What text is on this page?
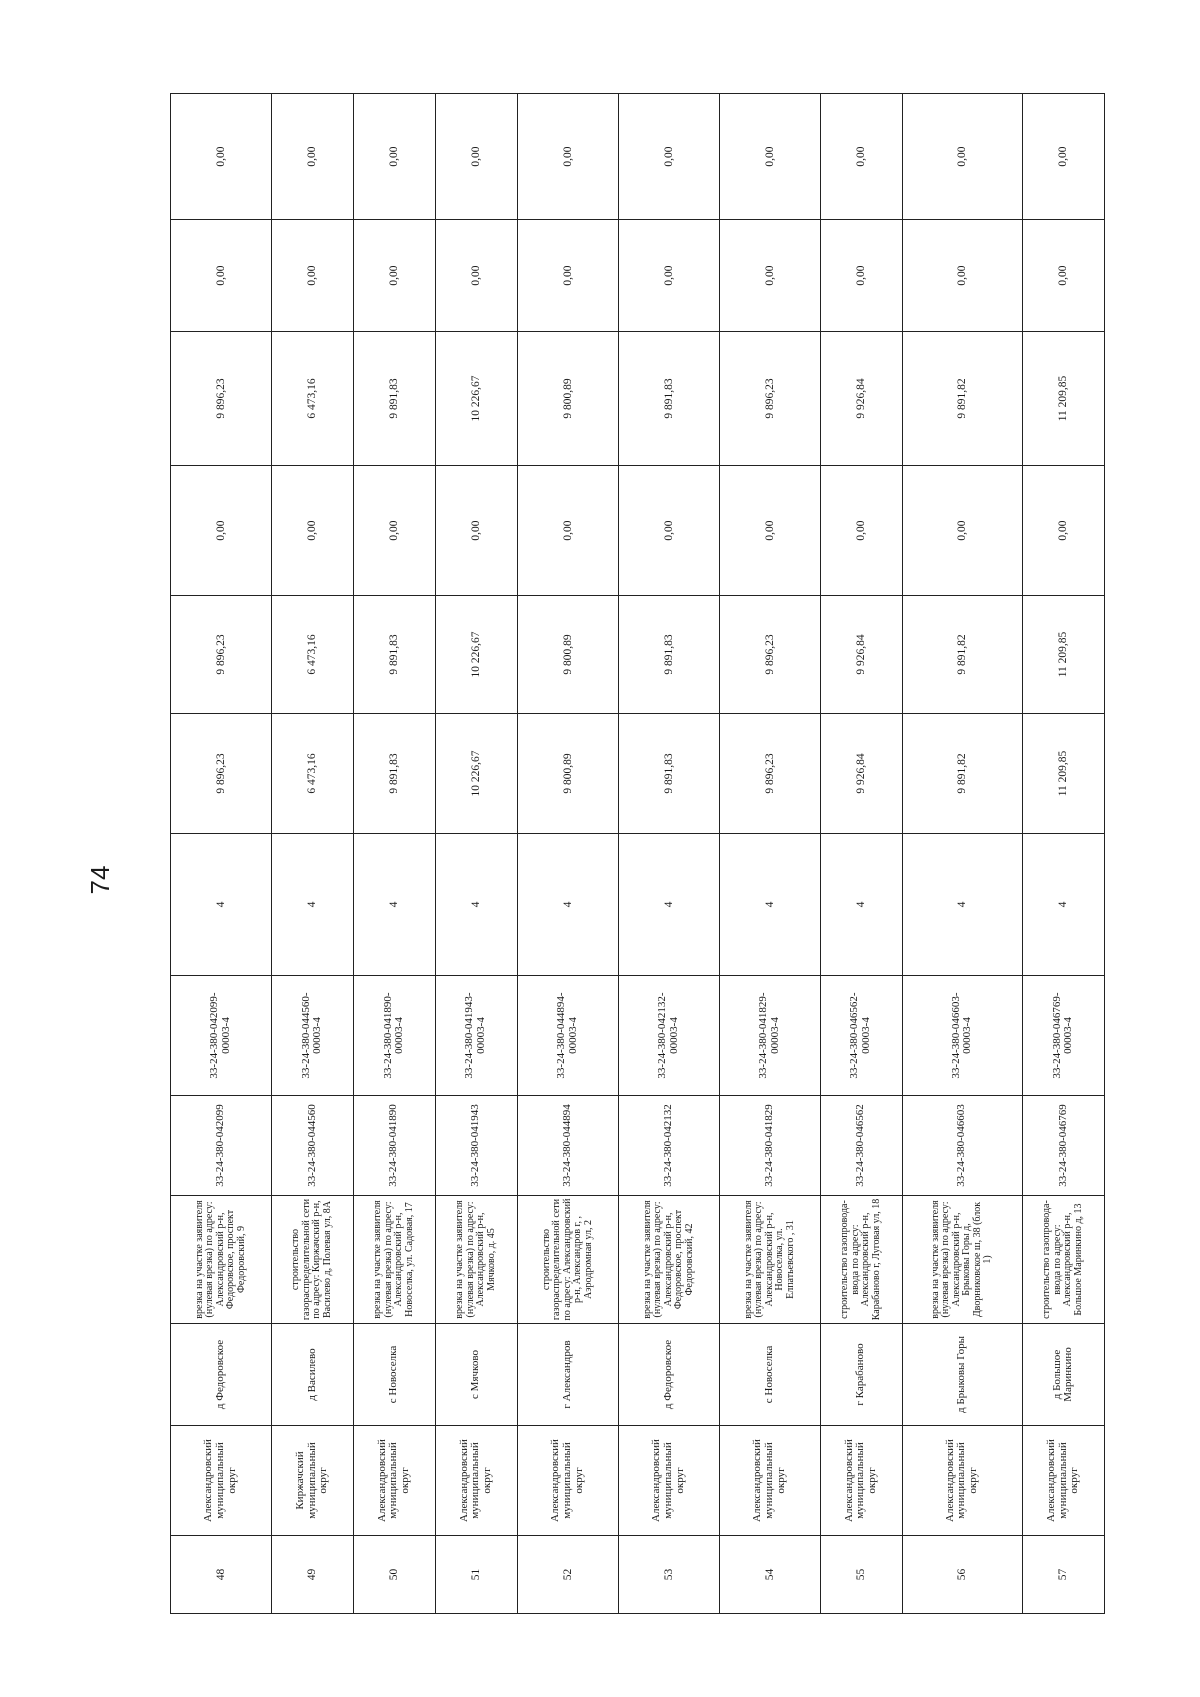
74
48	Александровский муниципальный округ	д Федоровское	врезка на участке заявителя (нулевая врезка) по адресу: Александровский р-н, Федоровское, проспект Федоровский, 9	33-24-380-042099	33-24-380-042099-00003-4	4	9 896,23	9 896,23	0,00	9 896,23	0,00	0,00
49	Киржачский муниципальный округ	д Василево	строительство газораспределительной сети по адресу: Киржачский р-н, Василево д, Полевая ул, 8А	33-24-380-044560	33-24-380-044560-00003-4	4	6 473,16	6 473,16	0,00	6 473,16	0,00	0,00
50	Александровский муниципальный округ	с Новоселка	врезка на участке заявителя (нулевая врезка) по адресу: Александровский р-н, Новоселка, ул. Садовая, 17	33-24-380-041890	33-24-380-041890-00003-4	4	9 891,83	9 891,83	0,00	9 891,83	0,00	0,00
51	Александровский муниципальный округ	с Мячково	врезка на участке заявителя (нулевая врезка) по адресу: Александровский р-н, Мячково, д. 45	33-24-380-041943	33-24-380-041943-00003-4	4	10 226,67	10 226,67	0,00	10 226,67	0,00	0,00
52	Александровский муниципальный округ	г Александров	строительство газораспределительной сети по адресу: Александровский р-н, Александров г, , Аэродромная ул, 2	33-24-380-044894	33-24-380-044894-00003-4	4	9 800,89	9 800,89	0,00	9 800,89	0,00	0,00
53	Александровский муниципальный округ	д Федоровское	врезка на участке заявителя (нулевая врезка) по адресу: Александровский р-н, Федоровское, проспект Федоровский, 42	33-24-380-042132	33-24-380-042132-00003-4	4	9 891,83	9 891,83	0,00	9 891,83	0,00	0,00
54	Александровский муниципальный округ	с Новоселка	врезка на участке заявителя (нулевая врезка) по адресу: Александровский р-н, Новоселка, ул. Елпатьевского , 31	33-24-380-041829	33-24-380-041829-00003-4	4	9 896,23	9 896,23	0,00	9 896,23	0,00	0,00
55	Александровский муниципальный округ	г Карабаново	строительство газопровода-ввода по адресу: Александровский р-н, Карабаново г, Луговая ул, 18	33-24-380-046562	33-24-380-046562-00003-4	4	9 926,84	9 926,84	0,00	9 926,84	0,00	0,00
56	Александровский муниципальный округ	д Брыковы Горы	врезка на участке заявителя (нулевая врезка) по адресу: Александровский р-н, Брыковы Горы д, Дворниковское ш, 38 (блок 1)	33-24-380-046603	33-24-380-046603-00003-4	4	9 891,82	9 891,82	0,00	9 891,82	0,00	0,00
57	Александровский муниципальный округ	д Большое Маринкино	строительство газопровода-ввода по адресу: Александровский р-н, Большое Маринкино д, 13	33-24-380-046769	33-24-380-046769-00003-4	4	11 209,85	11 209,85	0,00	11 209,85	0,00	0,00
